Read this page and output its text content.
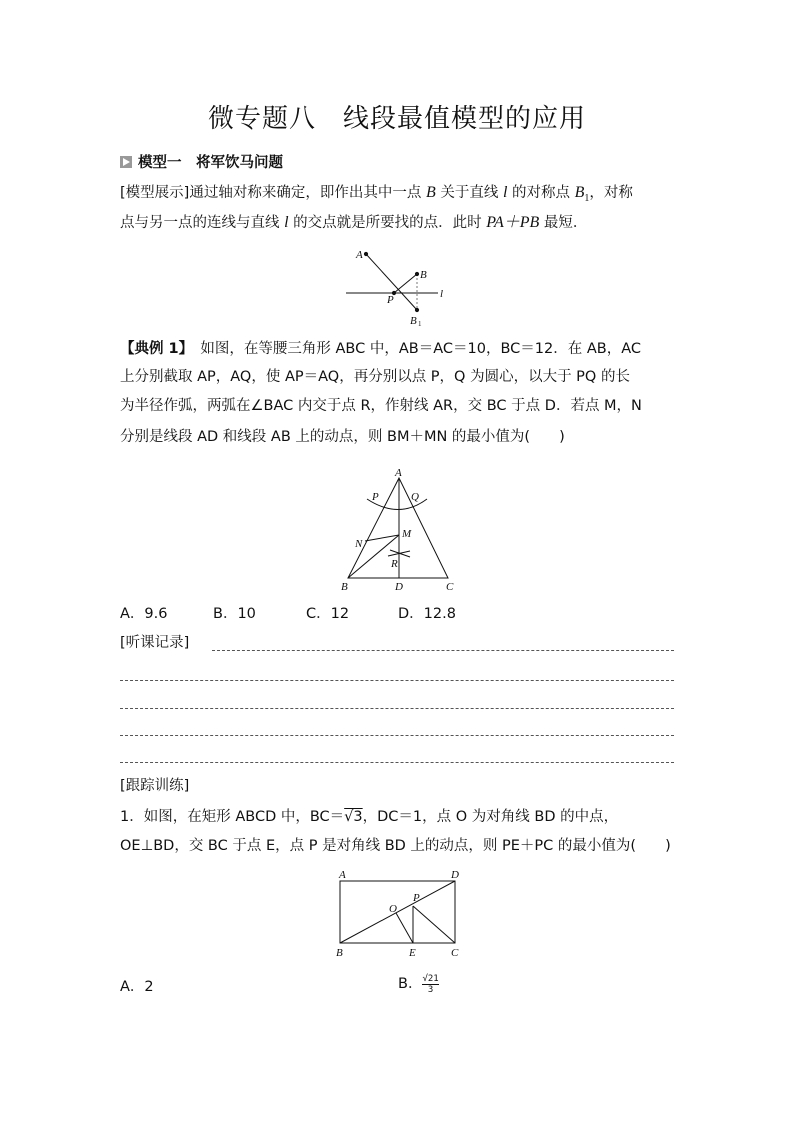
微专题八　线段最值模型的应用
模型一　 将军饮马问题
[模型展示]通过轴对称来确定，即作出其中一点 B 关于直线 l 的对称点 $B_1$，对称
点与另一点的连线与直线 l 的交点就是所要找的点．此时 PA＋PB 最短．
A
B
P	l
B 1
A
P	Q
M
N
R
B	D	C
A	D
P
O
B	E	C
【典例 1】　如图，在等腰三角形 ABC 中，AB＝AC＝10，BC＝12．在 AB，AC
上分别截取 AP，AQ，使 AP＝AQ，再分别以点 P，Q 为圆心，以大于 PQ 的长
为半径作弧，两弧在∠BAC 内交于点 R，作射线 AR，交 BC 于点 D．若点 M，N
分别是线段 AD 和线段 AB 上的动点，则 BM＋MN 的最小值为(　　)
A．9.6	B．10	C．12	D．12.8
[听课记录]
[跟踪训练]
1．如图，在矩形 ABCD 中，BC＝√3，DC＝1，点 O 为对角线 BD 的中点，
OE⊥BD，交 BC 于点 E，点 P 是对角线 BD 上的动点，则 PE＋PC 的最小值为(　　)
A．2	B． $\frac{√21}{3}$
